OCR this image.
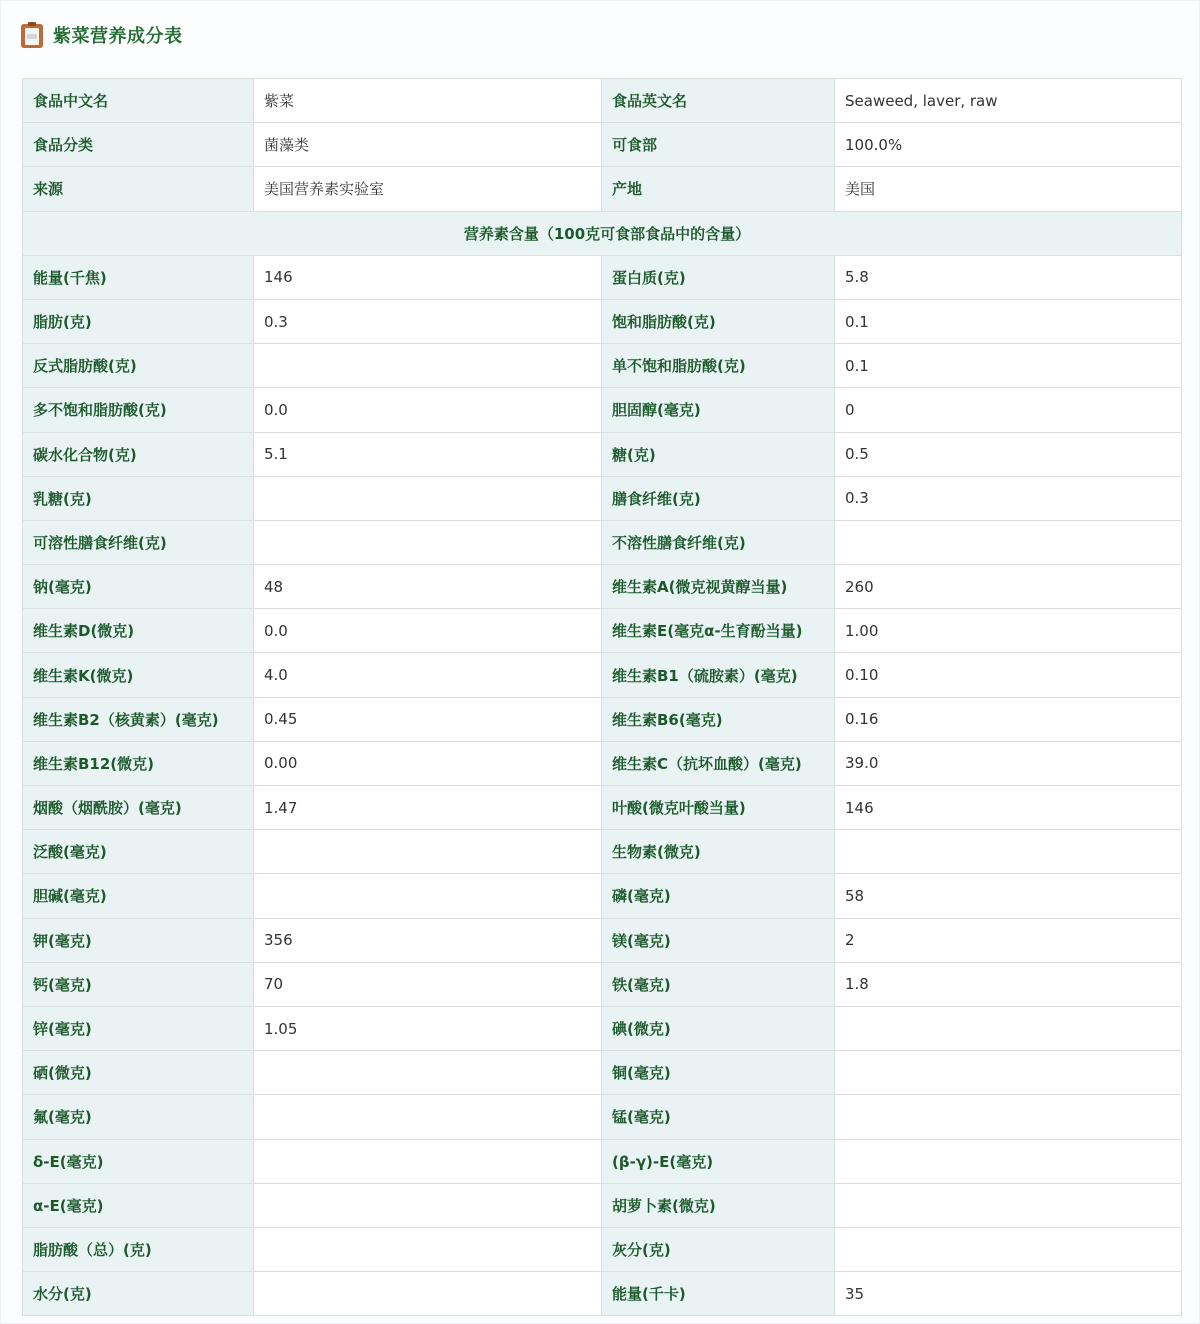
紫菜营养成分表
食品中文名	紫菜	食品英文名	Seaweed, laver, raw
食品分类	菌藻类	可食部	100.0%
来源	美国营养素实验室	产地	美国
营养素含量（100克可食部食品中的含量）			
能量(千焦)	146	蛋白质(克)	5.8
脂肪(克)	0.3	饱和脂肪酸(克)	0.1
反式脂肪酸(克)		单不饱和脂肪酸(克)	0.1
多不饱和脂肪酸(克)	0.0	胆固醇(毫克)	0
碳水化合物(克)	5.1	糖(克)	0.5
乳糖(克)		膳食纤维(克)	0.3
可溶性膳食纤维(克)		不溶性膳食纤维(克)	
钠(毫克)	48	维生素A(微克视黄醇当量)	260
维生素D(微克)	0.0	维生素E(毫克α-生育酚当量)	1.00
维生素K(微克)	4.0	维生素B1（硫胺素）(毫克)	0.10
维生素B2（核黄素）(毫克)	0.45	维生素B6(毫克)	0.16
维生素B12(微克)	0.00	维生素C（抗坏血酸）(毫克)	39.0
烟酸（烟酰胺）(毫克)	1.47	叶酸(微克叶酸当量)	146
泛酸(毫克)		生物素(微克)	
胆碱(毫克)		磷(毫克)	58
钾(毫克)	356	镁(毫克)	2
钙(毫克)	70	铁(毫克)	1.8
锌(毫克)	1.05	碘(微克)	
硒(微克)		铜(毫克)	
氟(毫克)		锰(毫克)	
δ-E(毫克)		(β-γ)-E(毫克)	
α-E(毫克)		胡萝卜素(微克)	
脂肪酸（总）(克)		灰分(克)	
水分(克)		能量(千卡)	35
